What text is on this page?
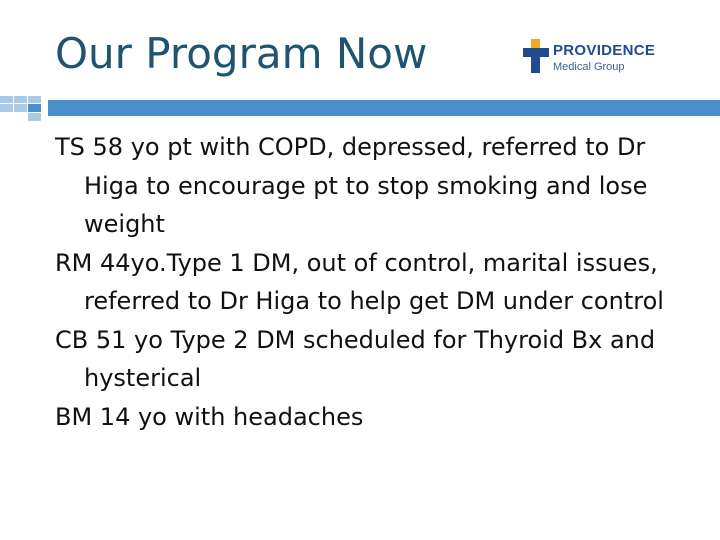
Our Program Now	PROVIDENCE
Medical Group
TS 58 yo pt with COPD, depressed, referred to Dr Higa to encourage pt to stop smoking and lose weight
RM 44yo.Type 1 DM, out of control, marital issues, referred to Dr Higa to help get DM under control
CB 51 yo Type 2 DM scheduled for Thyroid Bx and hysterical
BM 14 yo with headaches
